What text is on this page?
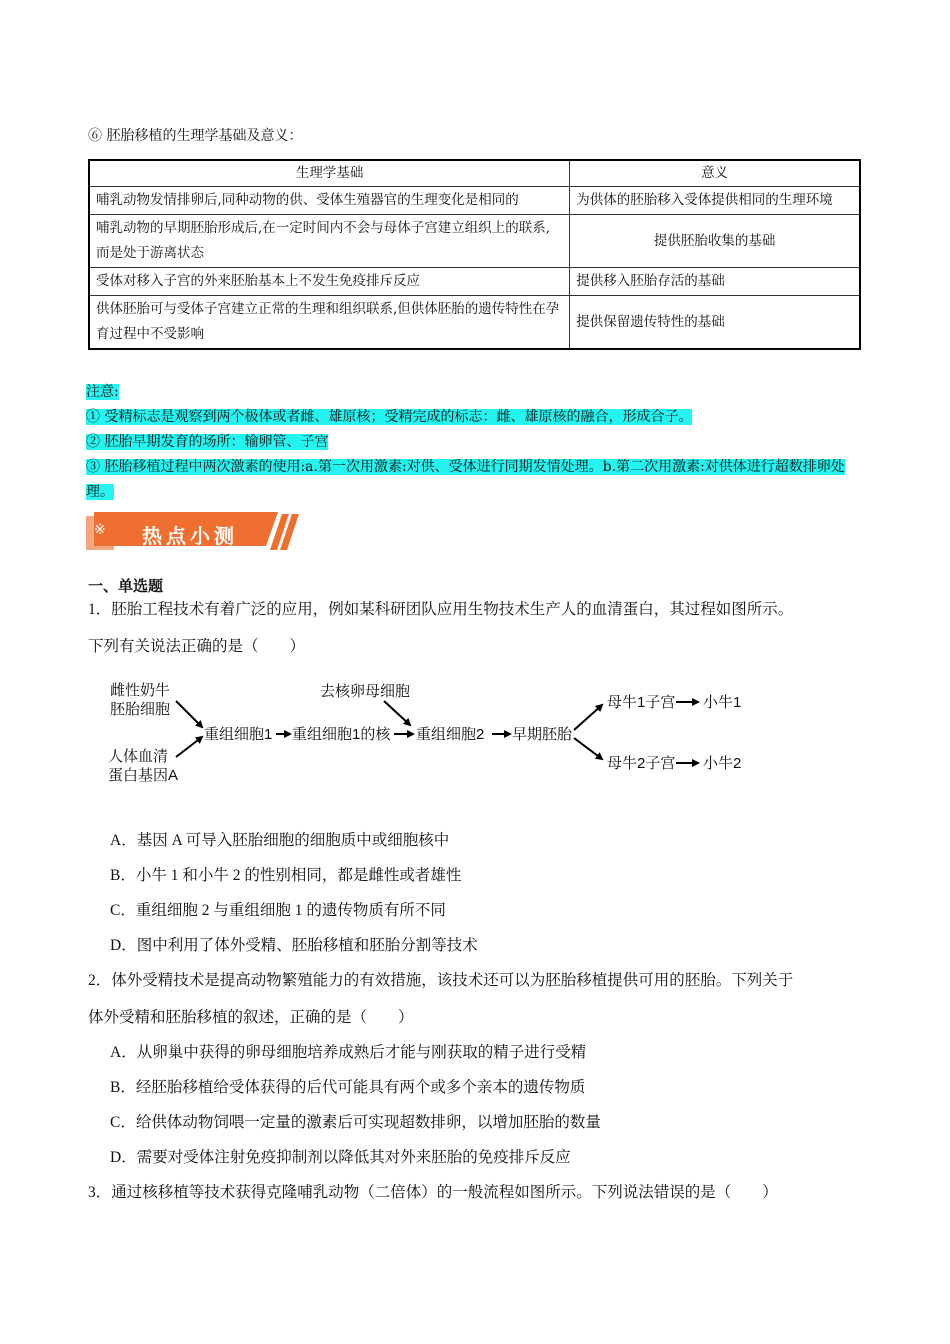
⑥ 胚胎移植的生理学基础及意义：
生理学基础	意义
哺乳动物发情排卵后,同种动物的供、受体生殖器官的生理变化是相同的	为供体的胚胎移入受体提供相同的生理环境
哺乳动物的早期胚胎形成后,在一定时间内不会与母体子宫建立组织上的联系,而是处于游离状态	提供胚胎收集的基础
受体对移入子宫的外来胚胎基本上不发生免疫排斥反应	提供移入胚胎存活的基础
供体胚胎可与受体子宫建立正常的生理和组织联系,但供体胚胎的遗传特性在孕育过程中不受影响	提供保留遗传特性的基础
注意:
① 受精标志是观察到两个极体或者雌、雄原核；受精完成的标志：雌、雄原核的融合，形成合子。
② 胚胎早期发育的场所：输卵管、子宫
③ 胚胎移植过程中两次激素的使用:a.第一次用激素:对供、受体进行同期发情处理。b.第二次用激素:对供体进行超数排卵处理。
※ 热点小测
一、单选题
1．胚胎工程技术有着广泛的应用，例如某科研团队应用生物技术生产人的血清蛋白，其过程如图所示。
下列有关说法正确的是（　　）
雌性奶牛
胚胎细胞
人体血清
蛋白基因A
重组细胞1 重组细胞1的核
去核卵母细胞
重组细胞2 早期胚胎
母牛1子宫 小牛1
母牛2子宫 小牛2
A．基因 A 可导入胚胎细胞的细胞质中或细胞核中
B．小牛 1 和小牛 2 的性别相同，都是雌性或者雄性
C．重组细胞 2 与重组细胞 1 的遗传物质有所不同
D．图中利用了体外受精、胚胎移植和胚胎分割等技术
2．体外受精技术是提高动物繁殖能力的有效措施，该技术还可以为胚胎移植提供可用的胚胎。下列关于
体外受精和胚胎移植的叙述，正确的是（　　）
A．从卵巢中获得的卵母细胞培养成熟后才能与刚获取的精子进行受精
B．经胚胎移植给受体获得的后代可能具有两个或多个亲本的遗传物质
C．给供体动物饲喂一定量的激素后可实现超数排卵，以增加胚胎的数量
D．需要对受体注射免疫抑制剂以降低其对外来胚胎的免疫排斥反应
3．通过核移植等技术获得克隆哺乳动物（二倍体）的一般流程如图所示。下列说法错误的是（　　）
